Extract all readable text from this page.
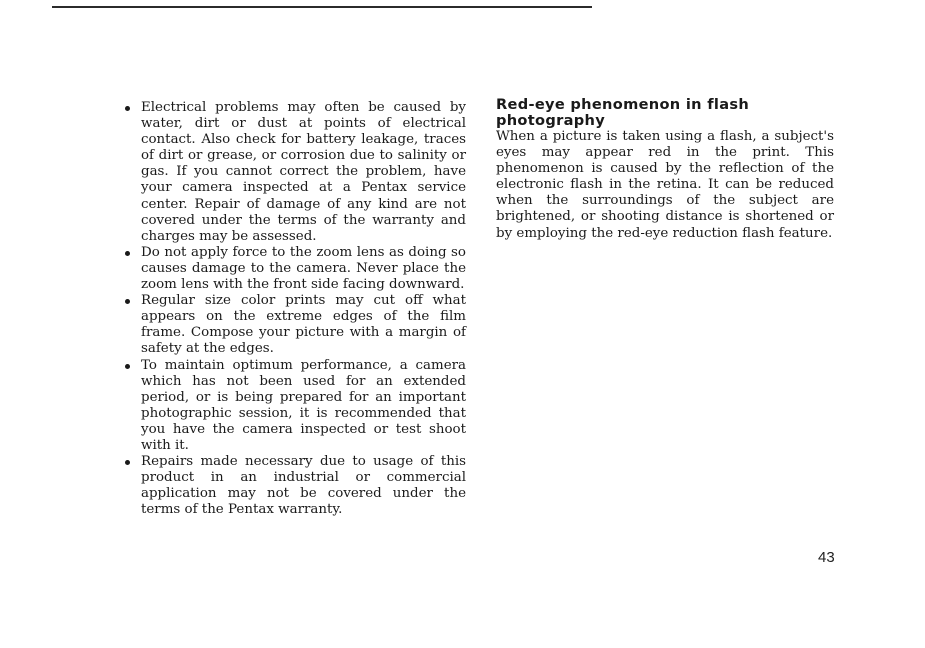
Electrical problems may often be caused by water, dirt or dust at points of electrical contact. Also check for battery leakage, traces of dirt or grease, or corrosion due to salinity or gas. If you cannot correct the problem, have your camera inspected at a Pentax service center. Repair of damage of any kind are not covered under the terms of the warranty and charges may be assessed.
Do not apply force to the zoom lens as doing so causes damage to the camera. Never place the zoom lens with the front side facing downward.
Regular size color prints may cut off what appears on the extreme edges of the film frame. Compose your picture with a margin of safety at the edges.
To maintain optimum performance, a camera which has not been used for an extended period, or is being prepared for an important photographic session, it is recommended that you have the camera inspected or test shoot with it.
Repairs made necessary due to usage of this product in an industrial or commercial application may not be covered under the terms of the Pentax warranty.
Red-eye phenomenon in flash photography

When a picture is taken using a flash, a subject's eyes may appear red in the print. This phenomenon is caused by the reflection of the electronic flash in the retina. It can be reduced when the surroundings of the subject are brightened, or shooting distance is shortened or by employing the red-eye reduction flash feature.

43
